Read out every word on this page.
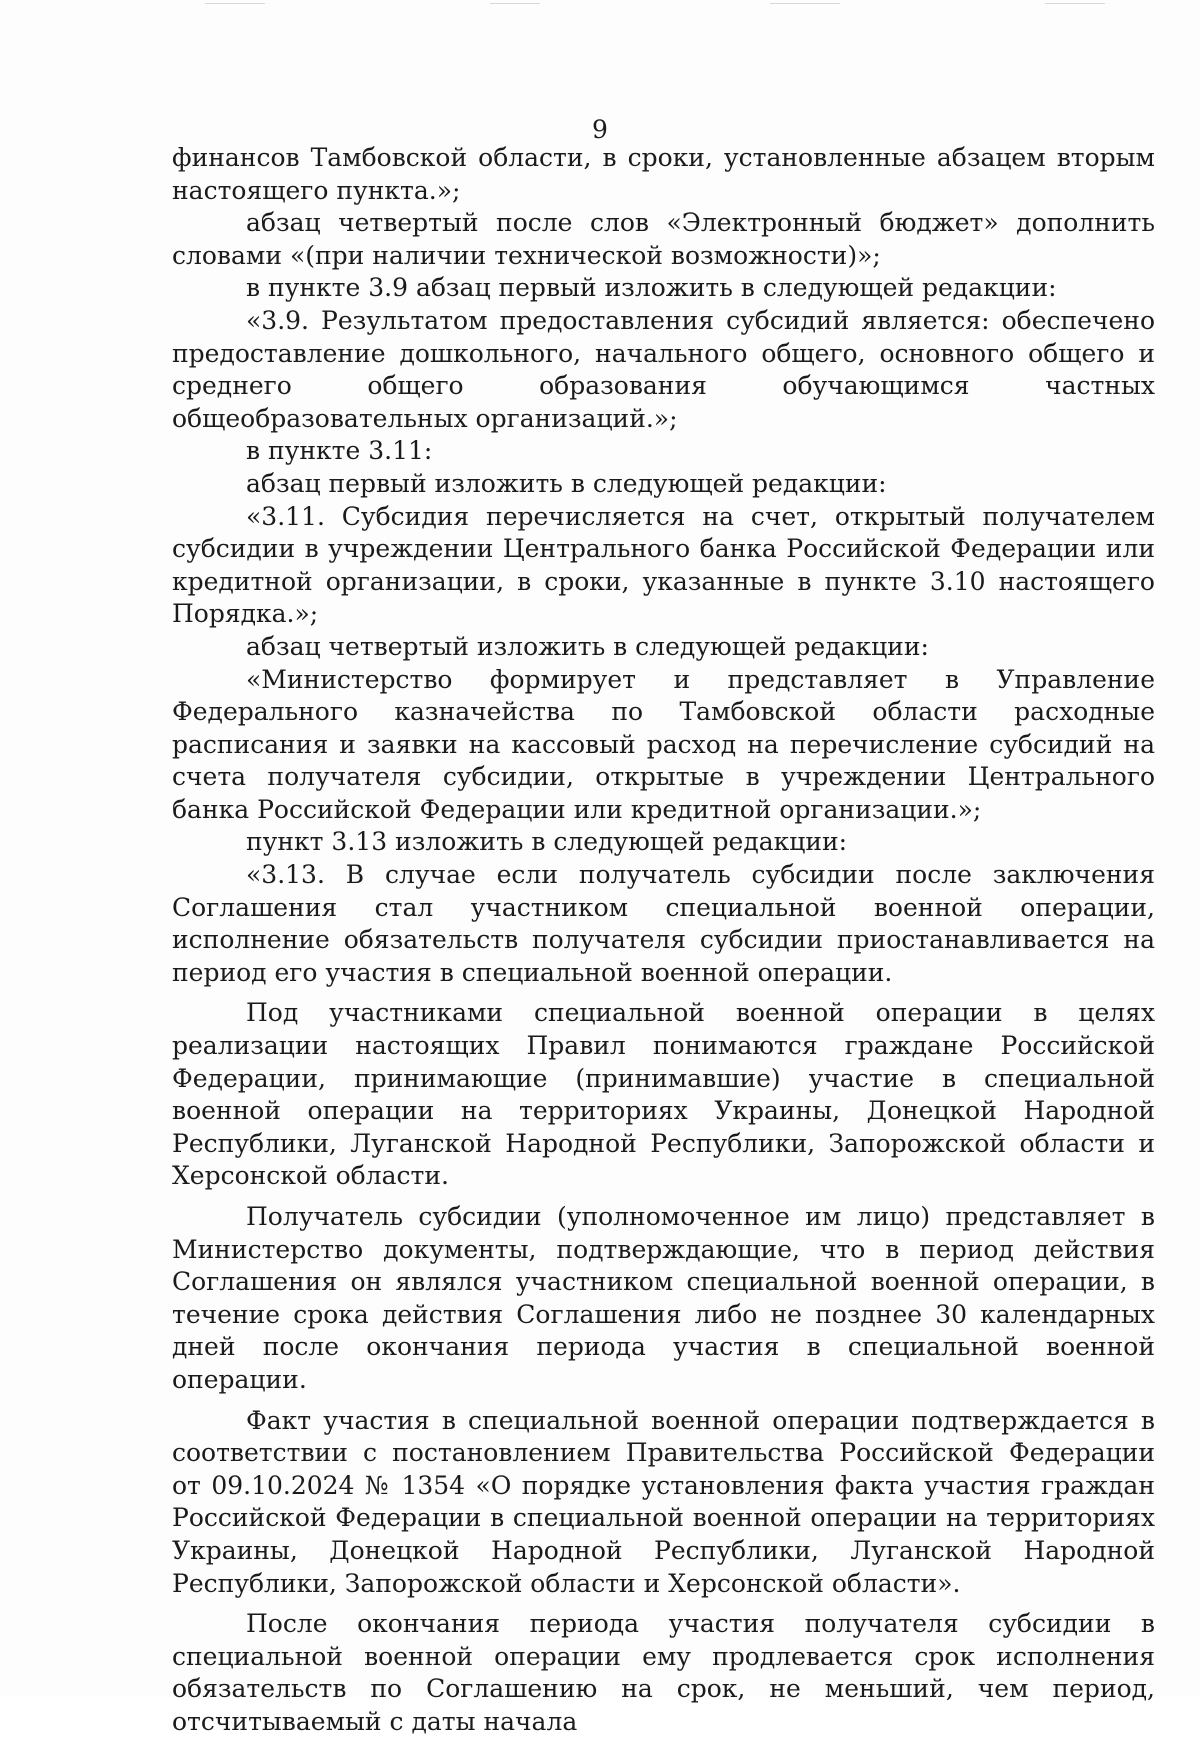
9

финансов Тамбовской области, в сроки, установленные абзацем вторым настоящего пункта.»;

абзац четвертый после слов «Электронный бюджет» дополнить словами «(при наличии технической возможности)»;

в пункте 3.9 абзац первый изложить в следующей редакции:

«3.9. Результатом предоставления субсидий является: обеспечено предоставление дошкольного, начального общего, основного общего и среднего общего образования обучающимся частных общеобразовательных организаций.»;

в пункте 3.11:

абзац первый изложить в следующей редакции:

«3.11. Субсидия перечисляется на счет, открытый получателем субсидии в учреждении Центрального банка Российской Федерации или кредитной организации, в сроки, указанные в пункте 3.10 настоящего Порядка.»;

абзац четвертый изложить в следующей редакции:

«Министерство формирует и представляет в Управление Федерального казначейства по Тамбовской области расходные расписания и заявки на кассовый расход на перечисление субсидий на счета получателя субсидии, открытые в учреждении Центрального банка Российской Федерации или кредитной организации.»;

пункт 3.13 изложить в следующей редакции:

«3.13. В случае если получатель субсидии после заключения Соглашения стал участником специальной военной операции, исполнение обязательств получателя субсидии приостанавливается на период его участия в специальной военной операции.

Под участниками специальной военной операции в целях реализации настоящих Правил понимаются граждане Российской Федерации, принимающие (принимавшие) участие в специальной военной операции на территориях Украины, Донецкой Народной Республики, Луганской Народной Республики, Запорожской области и Херсонской области.

Получатель субсидии (уполномоченное им лицо) представляет в Министерство документы, подтверждающие, что в период действия Соглашения он являлся участником специальной военной операции, в течение срока действия Соглашения либо не позднее 30 календарных дней после окончания периода участия в специальной военной операции.

Факт участия в специальной военной операции подтверждается в соответствии с постановлением Правительства Российской Федерации от 09.10.2024 № 1354 «О порядке установления факта участия граждан Российской Федерации в специальной военной операции на территориях Украины, Донецкой Народной Республики, Луганской Народной Республики, Запорожской области и Херсонской области».

После окончания периода участия получателя субсидии в специальной военной операции ему продлевается срок исполнения обязательств по Соглашению на срок, не меньший, чем период, отсчитываемый с даты начала
